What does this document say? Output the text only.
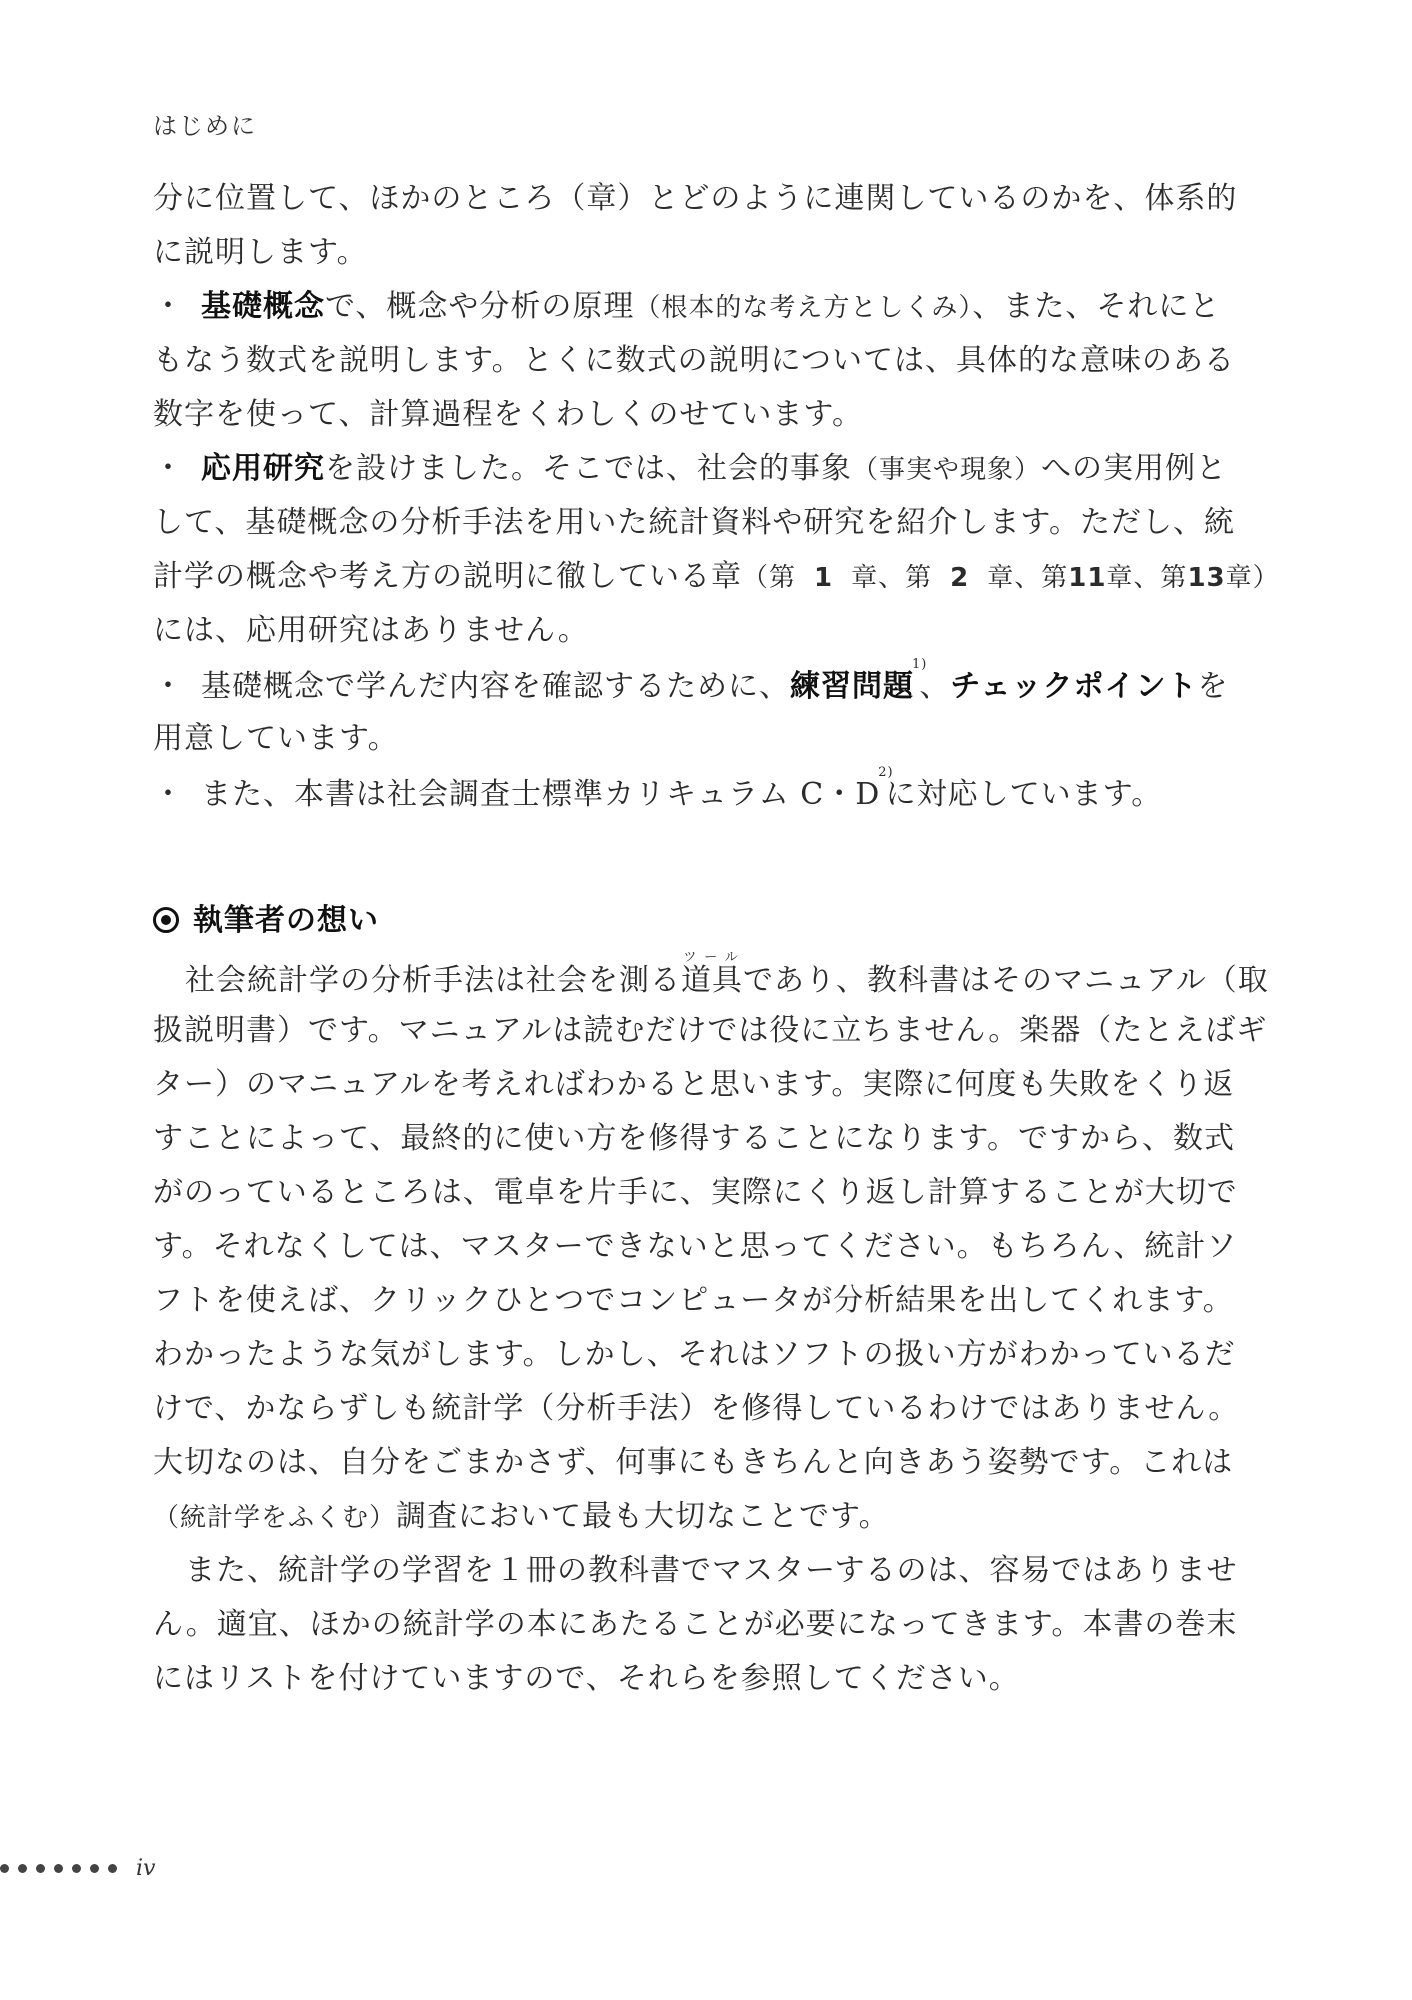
はじめに
分に位置して、ほかのところ（章）とどのように連関しているのかを、体系的
に説明します。
・ 基礎概念で、概念や分析の原理（根本的な考え方としくみ）、また、それにと
もなう数式を説明します。とくに数式の説明については、具体的な意味のある
数字を使って、計算過程をくわしくのせています。
・ 応用研究を設けました。そこでは、社会的事象（事実や現象）への実用例と
して、基礎概念の分析手法を用いた統計資料や研究を紹介します。ただし、統
計学の概念や考え方の説明に徹している章（第 1 章、第 2 章、第11章、第13章）
には、応用研究はありません。
・ 基礎概念で学んだ内容を確認するために、練習問題1)、チェックポイントを
用意しています。
・ また、本書は社会調査士標準カリキュラム C・D2)に対応しています。
執筆者の想い
社会統計学の分析手法は社会を測る道具ツールであり、教科書はそのマニュアル（取
扱説明書）です。マニュアルは読むだけでは役に立ちません。楽器（たとえばギ
ター）のマニュアルを考えればわかると思います。実際に何度も失敗をくり返
すことによって、最終的に使い方を修得することになります。ですから、数式
がのっているところは、電卓を片手に、実際にくり返し計算することが大切で
す。それなくしては、マスターできないと思ってください。もちろん、統計ソ
フトを使えば、クリックひとつでコンピュータが分析結果を出してくれます。
わかったような気がします。しかし、それはソフトの扱い方がわかっているだ
けで、かならずしも統計学（分析手法）を修得しているわけではありません。
大切なのは、自分をごまかさず、何事にもきちんと向きあう姿勢です。これは
（統計学をふくむ）調査において最も大切なことです。
また、統計学の学習を１冊の教科書でマスターするのは、容易ではありませ
ん。適宜、ほかの統計学の本にあたることが必要になってきます。本書の巻末
にはリストを付けていますので、それらを参照してください。
iv
